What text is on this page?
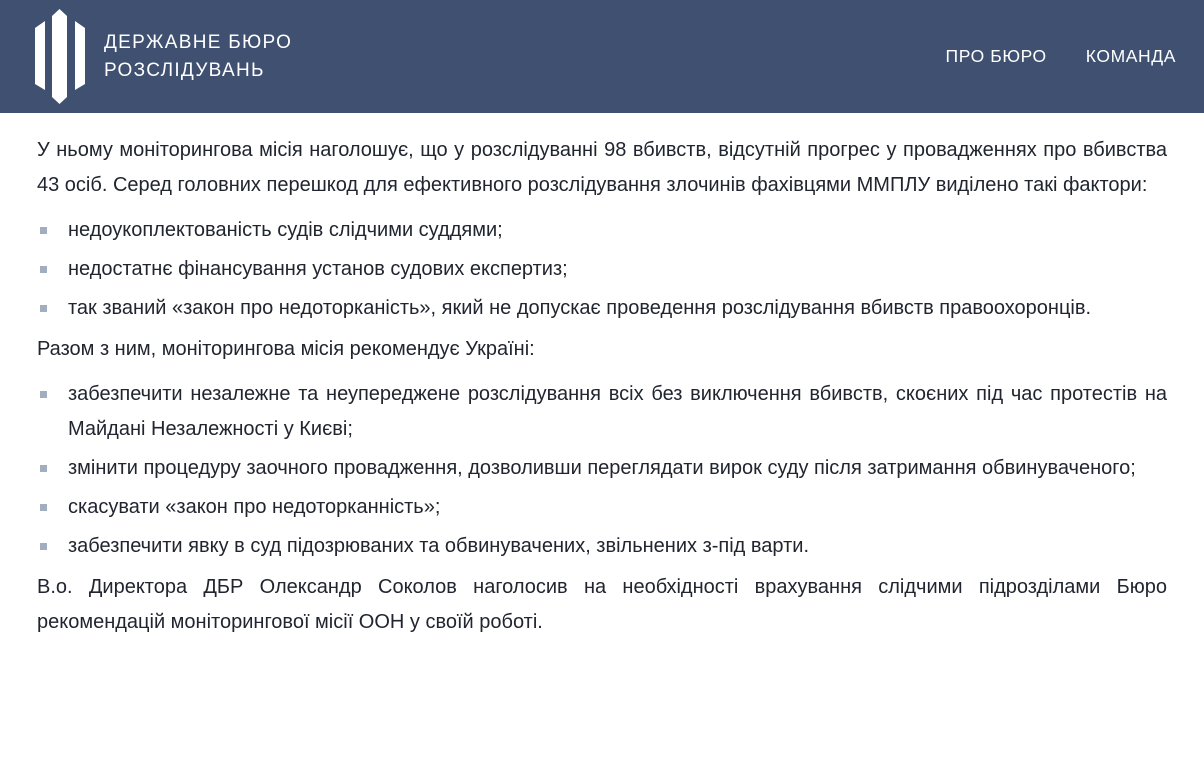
ДЕРЖАВНЕ БЮРО
РОЗСЛІДУВАНЬ
ПРО БЮРО КОМАНДА

У ньому моніторингова місія наголошує, що у розслідуванні 98 вбивств, відсутній прогрес у провадженнях про вбивства 43 осіб. Серед головних перешкод для ефективного розслідування злочинів фахівцями ММПЛУ виділено такі фактори:

недоукоплектованість судів слідчими суддями;
недостатнє фінансування установ судових експертиз;
так званий «закон про недоторканість», який не допускає проведення розслідування вбивств правоохоронців.

Разом з ним, моніторингова місія рекомендує Україні:

забезпечити незалежне та неупереджене розслідування всіх без виключення вбивств, скоєних під час протестів на Майдані Незалежності у Києві;
змінити процедуру заочного провадження, дозволивши переглядати вирок суду після затримання обвинуваченого;
скасувати «закон про недоторканність»;
забезпечити явку в суд підозрюваних та обвинувачених, звільнених з-під варти.

В.о. Директора ДБР Олександр Соколов наголосив на необхідності врахування слідчими підрозділами Бюро рекомендацій моніторингової місії ООН у своїй роботі.
